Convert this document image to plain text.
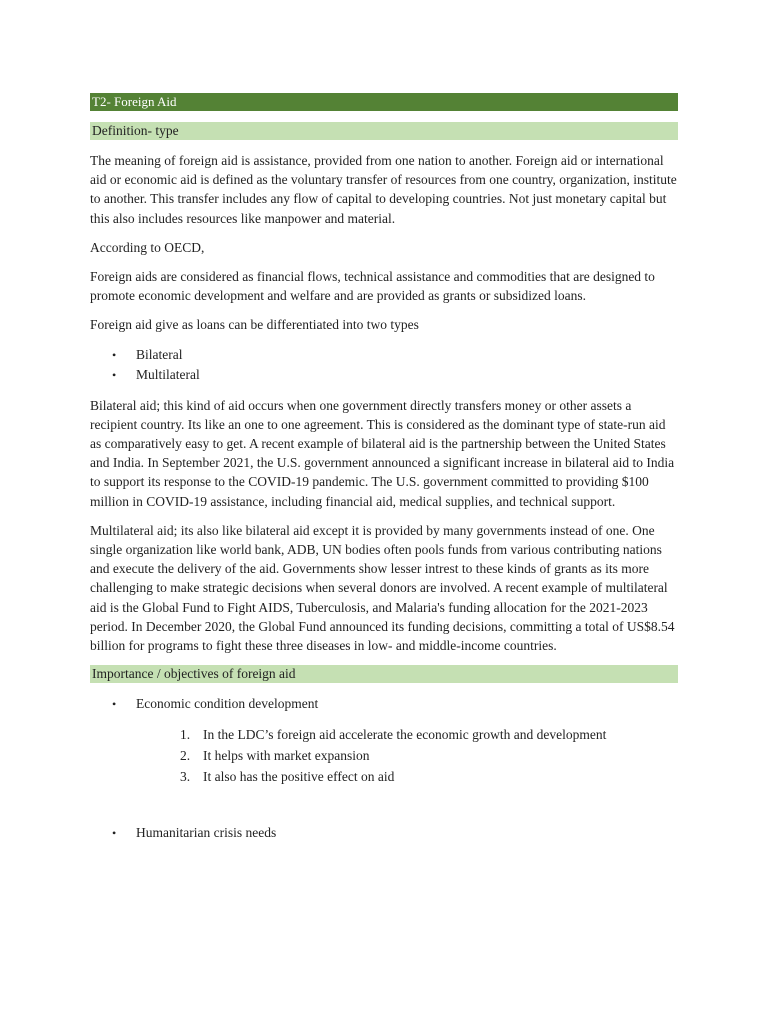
T2- Foreign Aid
Definition- type

The meaning of foreign aid is assistance, provided from one nation to another. Foreign aid or international aid or economic aid is defined as the voluntary transfer of resources from one country, organization, institute to another. This transfer includes any flow of capital to developing countries. Not just monetary capital but this also includes resources like manpower and material.

According to OECD,

Foreign aids are considered as financial flows, technical assistance and commodities that are designed to promote economic development and welfare and are provided as grants or subsidized loans.

Foreign aid give as loans can be differentiated into two types

• Bilateral
• Multilateral

Bilateral aid; this kind of aid occurs when one government directly transfers money or other assets a recipient country. Its like an one to one agreement. This is considered as the dominant type of state-run aid as comparatively easy to get. A recent example of bilateral aid is the partnership between the United States and India. In September 2021, the U.S. government announced a significant increase in bilateral aid to India to support its response to the COVID-19 pandemic. The U.S. government committed to providing $100 million in COVID-19 assistance, including financial aid, medical supplies, and technical support.

Multilateral aid; its also like bilateral aid except it is provided by many governments instead of one. One single organization like world bank, ADB, UN bodies often pools funds from various contributing nations and execute the delivery of the aid. Governments show lesser intrest to these kinds of grants as its more challenging to make strategic decisions when several donors are involved. A recent example of multilateral aid is the Global Fund to Fight AIDS, Tuberculosis, and Malaria's funding allocation for the 2021-2023 period. In December 2020, the Global Fund announced its funding decisions, committing a total of US$8.54 billion for programs to fight these three diseases in low- and middle-income countries.

Importance / objectives of foreign aid
• Economic condition development
1. In the LDC’s foreign aid accelerate the economic growth and development
2. It helps with market expansion
3. It also has the positive effect on aid
• Humanitarian crisis needs
